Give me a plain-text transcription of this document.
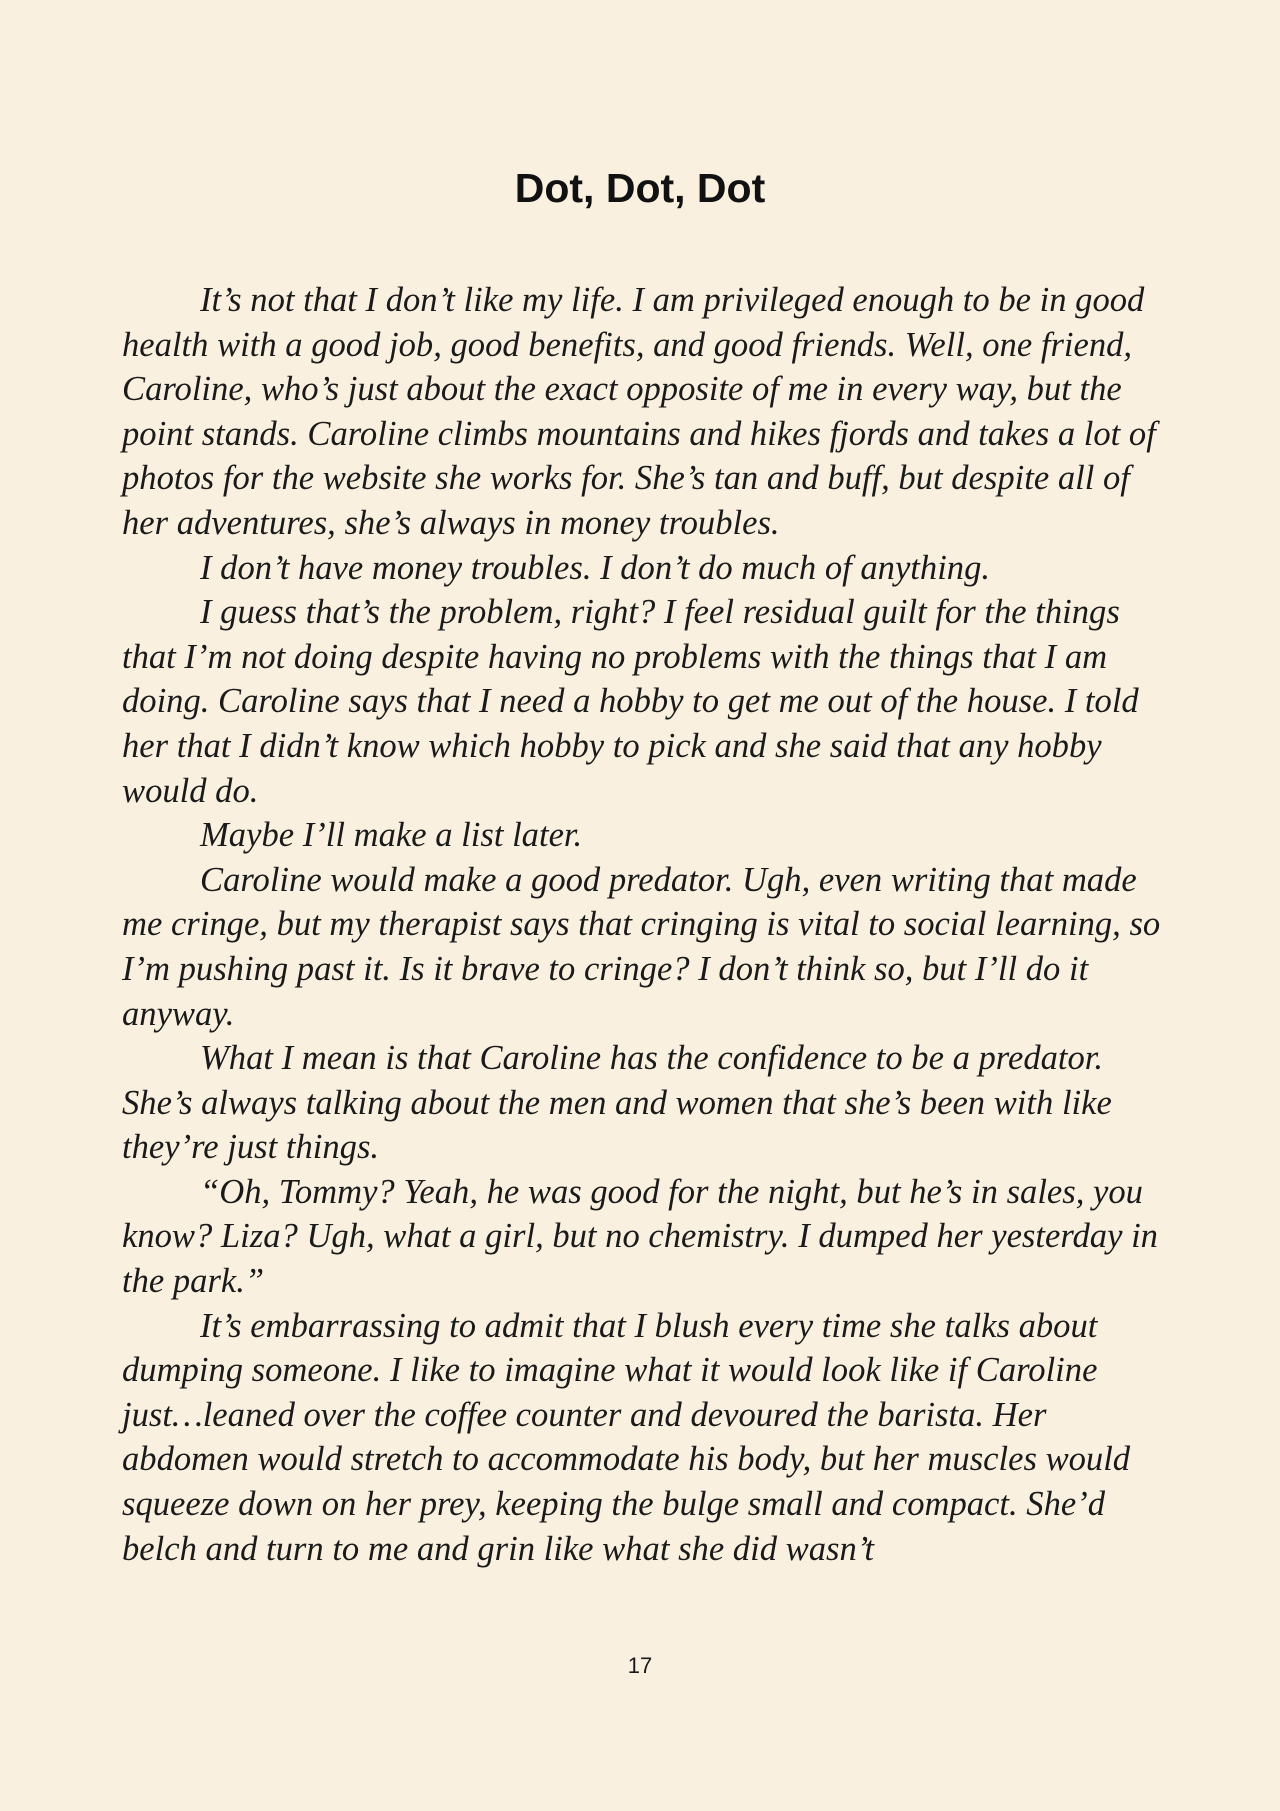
Dot, Dot, Dot

It’s not that I don’t like my life. I am privileged enough to be in good health with a good job, good benefits, and good friends. Well, one friend, Caroline, who’s just about the exact opposite of me in every way, but the point stands. Caroline climbs mountains and hikes fjords and takes a lot of photos for the website she works for. She’s tan and buff, but despite all of her adventures, she’s always in money troubles.

I don’t have money troubles. I don’t do much of anything.

I guess that’s the problem, right? I feel residual guilt for the things that I’m not doing despite having no problems with the things that I am doing. Caroline says that I need a hobby to get me out of the house. I told her that I didn’t know which hobby to pick and she said that any hobby would do.

Maybe I’ll make a list later.

Caroline would make a good predator. Ugh, even writing that made me cringe, but my therapist says that cringing is vital to social learning, so I’m pushing past it. Is it brave to cringe? I don’t think so, but I’ll do it anyway.

What I mean is that Caroline has the confidence to be a predator. She’s always talking about the men and women that she’s been with like they’re just things.

“Oh, Tommy? Yeah, he was good for the night, but he’s in sales, you know? Liza? Ugh, what a girl, but no chemistry. I dumped her yesterday in the park.”

It’s embarrassing to admit that I blush every time she talks about dumping someone. I like to imagine what it would look like if Caroline just…leaned over the coffee counter and devoured the barista. Her abdomen would stretch to accommodate his body, but her muscles would squeeze down on her prey, keeping the bulge small and compact. She’d belch and turn to me and grin like what she did wasn’t

17
